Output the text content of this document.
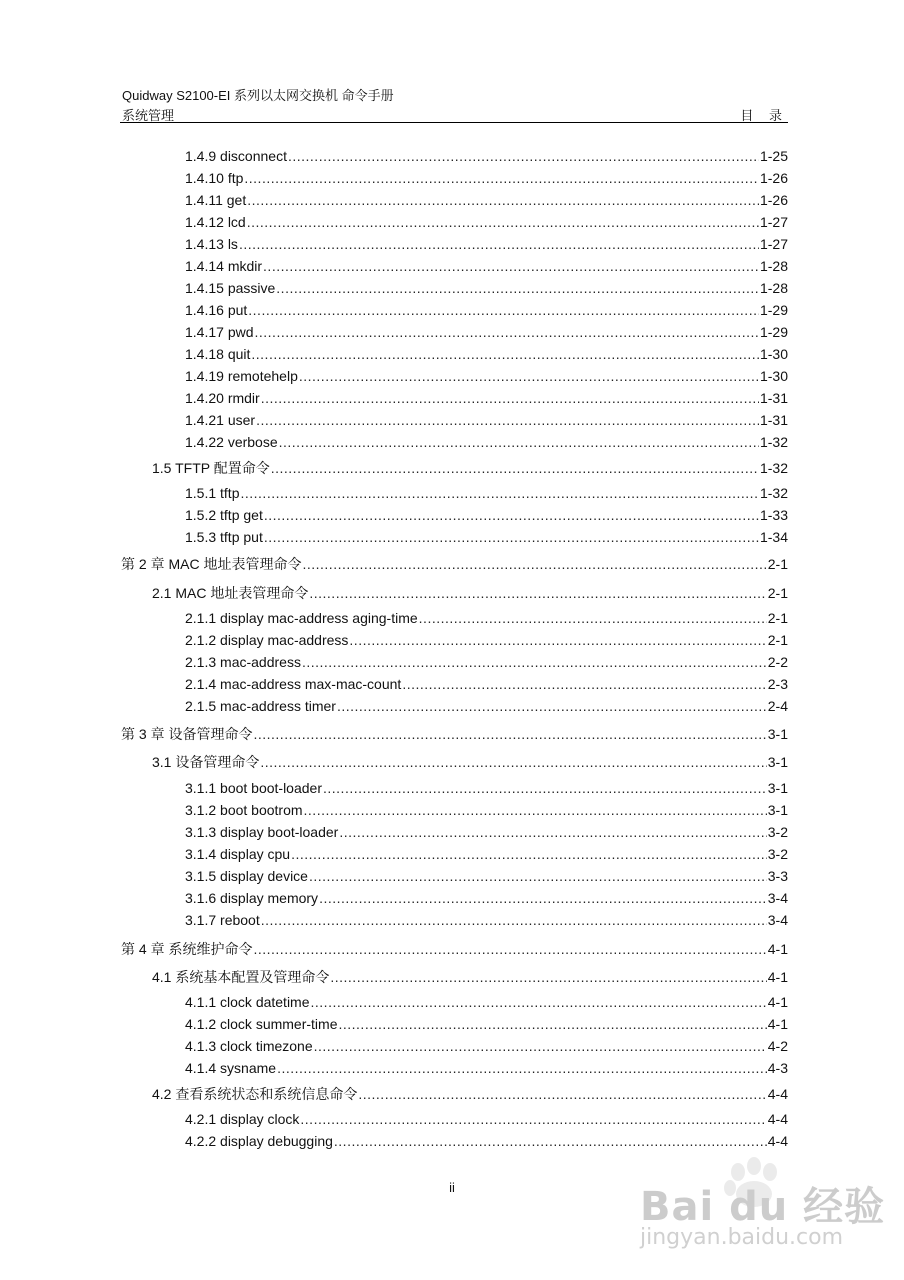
Quidway S2100-EI 系列以太网交换机 命令手册
系统管理	目 录
1.4.9 disconnect .....	1-25
1.4.10 ftp .....	1-26
1.4.11 get .....	1-26
1.4.12 lcd .....	1-27
1.4.13 ls .....	1-27
1.4.14 mkdir .....	1-28
1.4.15 passive .....	1-28
1.4.16 put .....	1-29
1.4.17 pwd .....	1-29
1.4.18 quit .....	1-30
1.4.19 remotehelp .....	1-30
1.4.20 rmdir .....	1-31
1.4.21 user .....	1-31
1.4.22 verbose .....	1-32
1.5 TFTP 配置命令 .....	1-32
1.5.1 tftp .....	1-32
1.5.2 tftp get .....	1-33
1.5.3 tftp put .....	1-34
第 2 章 MAC 地址表管理命令 .....	2-1
2.1 MAC 地址表管理命令 .....	2-1
2.1.1 display mac-address aging-time .....	2-1
2.1.2 display mac-address .....	2-1
2.1.3 mac-address .....	2-2
2.1.4 mac-address max-mac-count .....	2-3
2.1.5 mac-address timer .....	2-4
第 3 章 设备管理命令 .....	3-1
3.1 设备管理命令 .....	3-1
3.1.1 boot boot-loader .....	3-1
3.1.2 boot bootrom .....	3-1
3.1.3 display boot-loader .....	3-2
3.1.4 display cpu .....	3-2
3.1.5 display device .....	3-3
3.1.6 display memory .....	3-4
3.1.7 reboot .....	3-4
第 4 章 系统维护命令 .....	4-1
4.1 系统基本配置及管理命令 .....	4-1
4.1.1 clock datetime .....	4-1
4.1.2 clock summer-time .....	4-1
4.1.3 clock timezone .....	4-2
4.1.4 sysname .....	4-3
4.2 查看系统状态和系统信息命令 .....	4-4
4.2.1 display clock .....	4-4
4.2.2 display debugging .....	4-4
ii	Bai du 经验
jingyan.baidu.com
